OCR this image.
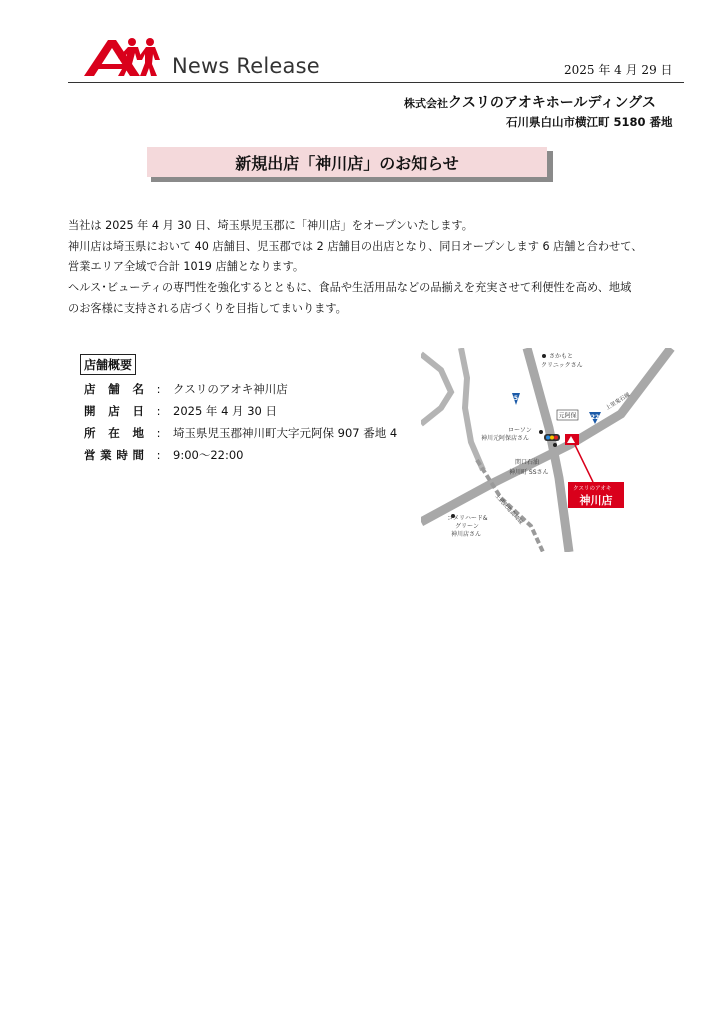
News Release	2025 年 4 月 29 日
株式会社クスリのアオキホールディングス
石川県白山市横江町 5180 番地
新規出店「神川店」のお知らせ

当社は 2025 年 4 月 30 日、埼玉県児玉郡に「神川店」をオープンいたします。

神川店は埼玉県において 40 店舗目、児玉郡では 2 店舗目の出店となり、同日オープンします 6 店舗と合わせて、

営業エリア全域で合計 1019 店舗となります。

ヘルス･ビューティの専門性を強化するとともに、食品や生活用品などの品揃えを充実させて利便性を高め、地域

のお客様に支持される店づくりを目指してまいります。

店舗概要
店 舗 名	:	クスリのアオキ神川店
開 店 日	:	2025 年 4 月 30 日
所 在 地	:	埼玉県児玉郡神川町大字元阿保 907 番地 4
営 業 時 間	:	9:00～22:00
254
22
上里鬼石線
上武鉄道高崎線
さかもと
クリニックさん
元阿保
ローソン
神川元阿保店さん
関口石油
神川町 SSさん
クスリのアオキ
神川店
コメリハード&
グリーン
神川店さん
